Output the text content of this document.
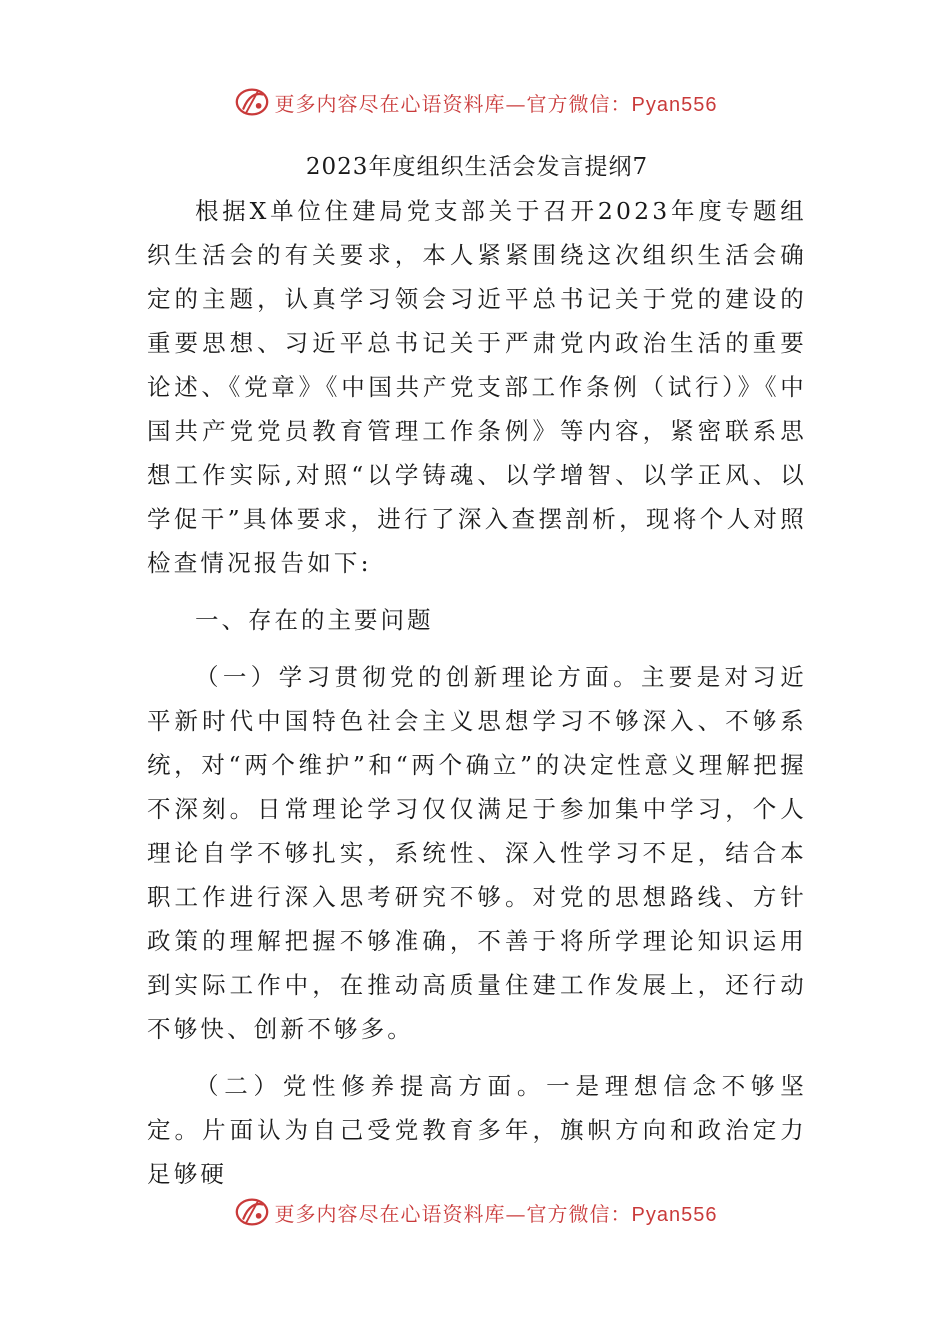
更多内容尽在心语资料库—官方微信：Pyan556
2023年度组织生活会发言提纲7

根据X单位住建局党支部关于召开2023年度专题组织生活会的有关要求，本人紧紧围绕这次组织生活会确定的主题，认真学习领会习近平总书记关于党的建设的重要思想、习近平总书记关于严肃党内政治生活的重要论述、《党章》《中国共产党支部工作条例（试行）》《中国共产党党员教育管理工作条例》等内容，紧密联系思想工作实际,对照“以学铸魂、以学增智、以学正风、以学促干”具体要求，进行了深入查摆剖析，现将个人对照检查情况报告如下:

一、存在的主要问题

（一）学习贯彻党的创新理论方面。主要是对习近平新时代中国特色社会主义思想学习不够深入、不够系统，对“两个维护”和“两个确立”的决定性意义理解把握不深刻。日常理论学习仅仅满足于参加集中学习，个人理论自学不够扎实，系统性、深入性学习不足，结合本职工作进行深入思考研究不够。对党的思想路线、方针政策的理解把握不够准确，不善于将所学理论知识运用到实际工作中，在推动高质量住建工作发展上，还行动不够快、创新不够多。

（二）党性修养提高方面。一是理想信念不够坚定。片面认为自己受党教育多年，旗帜方向和政治定力足够硬

更多内容尽在心语资料库—官方微信：Pyan556
